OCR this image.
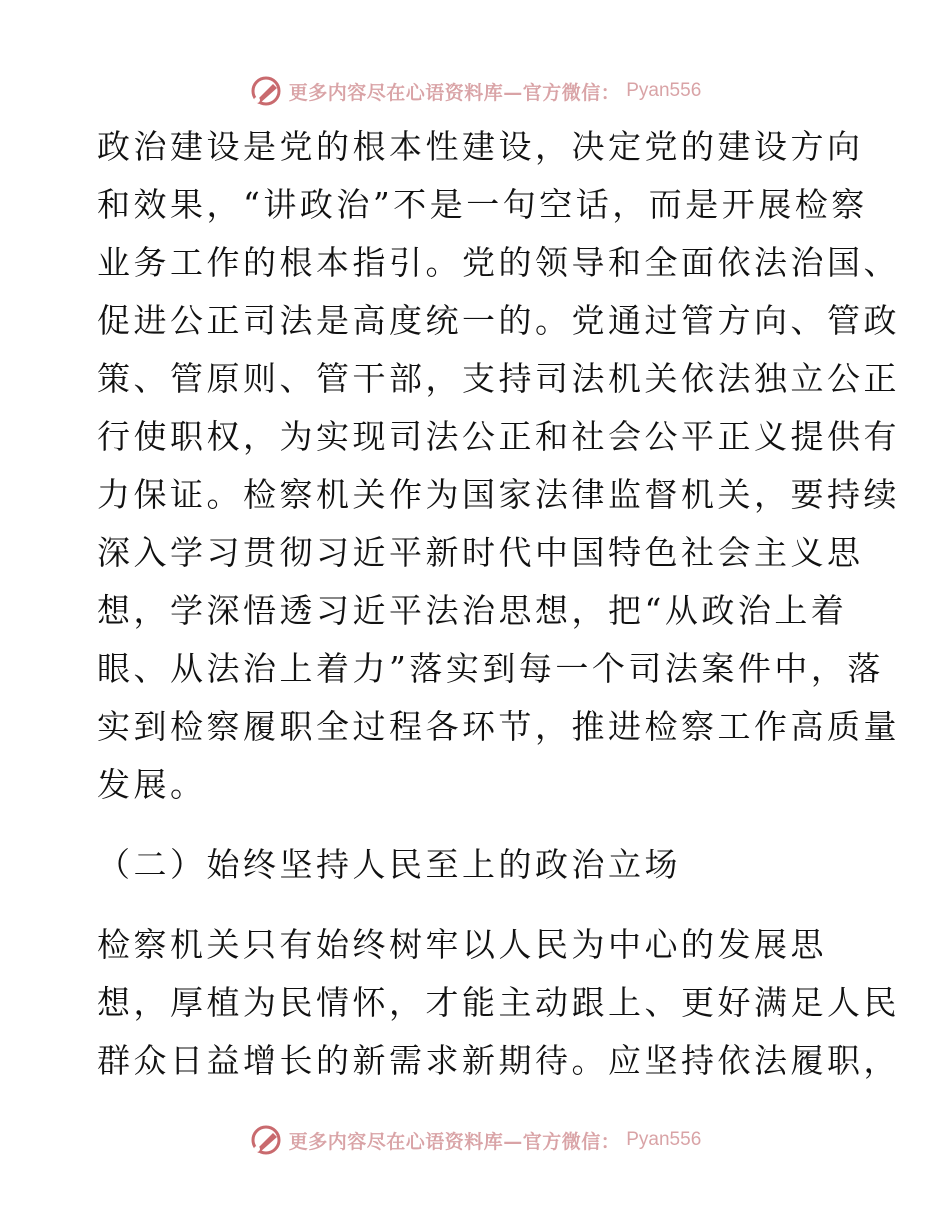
更多内容尽在心语资料库—官方微信： Pyan556
政治建设是党的根本性建设，决定党的建设方向
和效果，“讲政治”不是一句空话，而是开展检察
业务工作的根本指引。党的领导和全面依法治国、
促进公正司法是高度统一的。党通过管方向、管政
策、管原则、管干部，支持司法机关依法独立公正
行使职权，为实现司法公正和社会公平正义提供有
力保证。检察机关作为国家法律监督机关，要持续
深入学习贯彻习近平新时代中国特色社会主义思
想，学深悟透习近平法治思想，把“从政治上着
眼、从法治上着力”落实到每一个司法案件中，落
实到检察履职全过程各环节，推进检察工作高质量
发展。
（二）始终坚持人民至上的政治立场
检察机关只有始终树牢以人民为中心的发展思
想，厚植为民情怀，才能主动跟上、更好满足人民
群众日益增长的新需求新期待。应坚持依法履职，
更多内容尽在心语资料库—官方微信： Pyan556
